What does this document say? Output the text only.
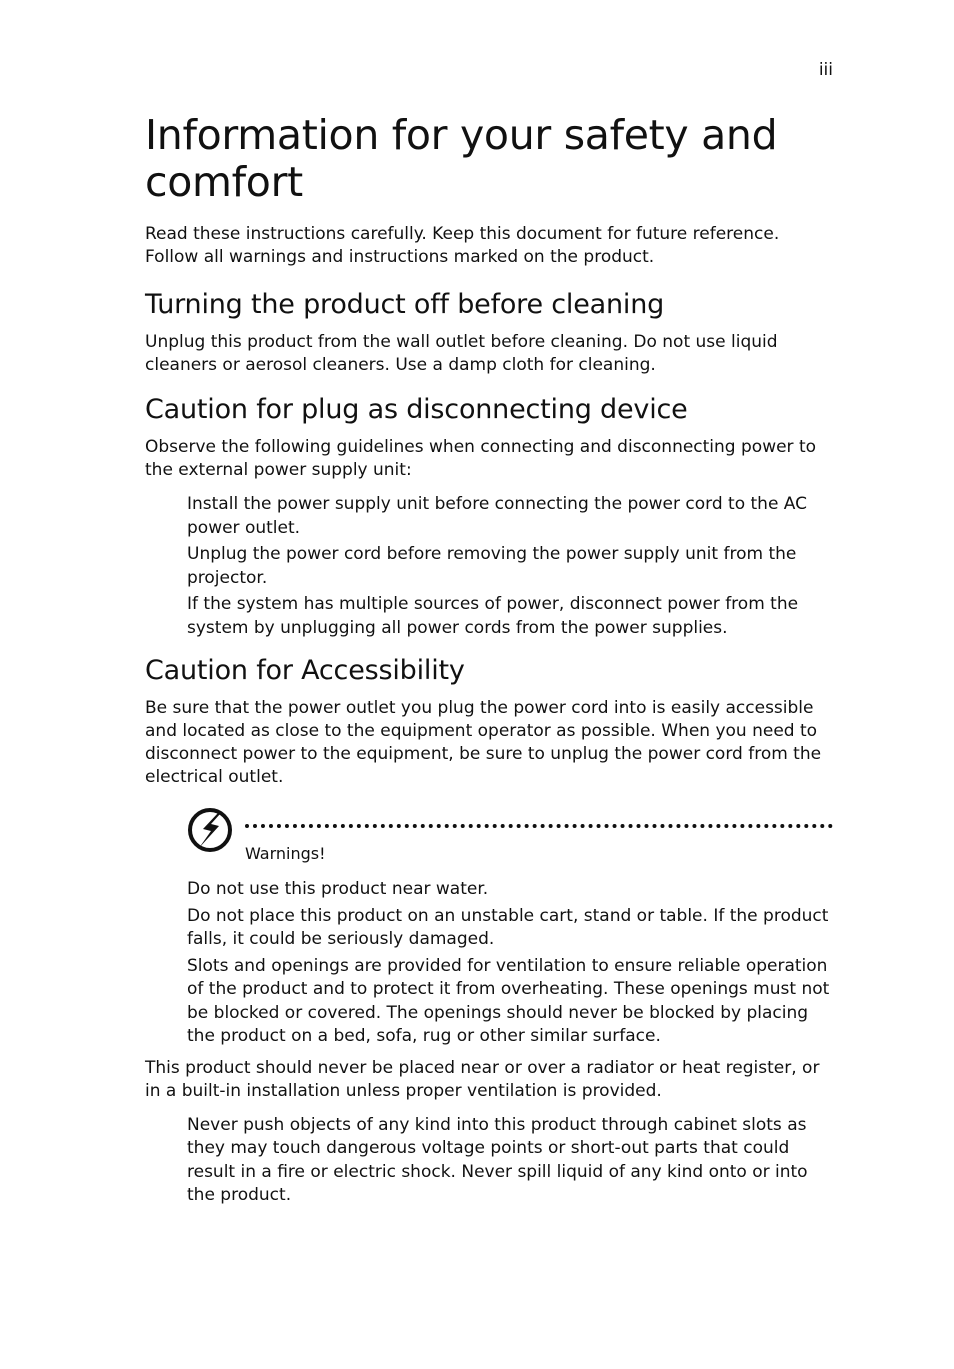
iii
Information for your safety and comfort

Read these instructions carefully. Keep this document for future reference. Follow all warnings and instructions marked on the product.

Turning the product off before cleaning

Unplug this product from the wall outlet before cleaning. Do not use liquid cleaners or aerosol cleaners. Use a damp cloth for cleaning.

Caution for plug as disconnecting device

Observe the following guidelines when connecting and disconnecting power to the external power supply unit:

Install the power supply unit before connecting the power cord to the AC power outlet.
Unplug the power cord before removing the power supply unit from the projector.
If the system has multiple sources of power, disconnect power from the system by unplugging all power cords from the power supplies.
Caution for Accessibility

Be sure that the power outlet you plug the power cord into is easily accessible and located as close to the equipment operator as possible. When you need to disconnect power to the equipment, be sure to unplug the power cord from the electrical outlet.

Warnings!
Do not use this product near water.
Do not place this product on an unstable cart, stand or table. If the product falls, it could be seriously damaged.
Slots and openings are provided for ventilation to ensure reliable operation of the product and to protect it from overheating. These openings must not be blocked or covered. The openings should never be blocked by placing the product on a bed, sofa, rug or other similar surface.

This product should never be placed near or over a radiator or heat register, or in a built-in installation unless proper ventilation is provided.

Never push objects of any kind into this product through cabinet slots as they may touch dangerous voltage points or short-out parts that could result in a fire or electric shock. Never spill liquid of any kind onto or into the product.
